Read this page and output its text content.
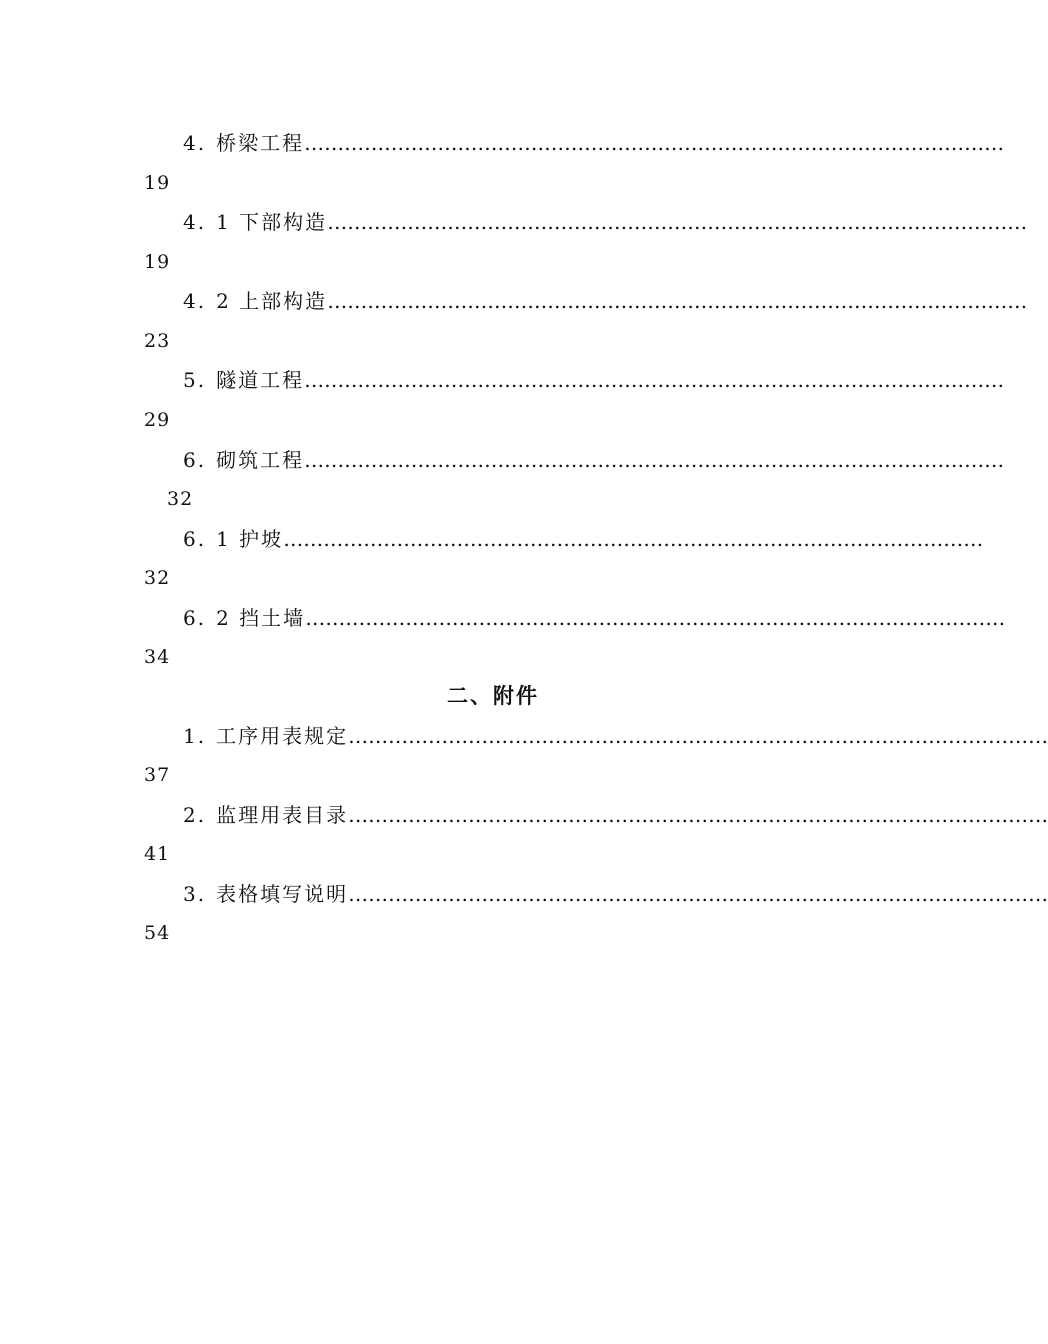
4. 桥梁工程……………………………………………………………………………………………
19
4. 1 下部构造……………………………………………………………………………………………
19
4. 2 上部构造……………………………………………………………………………………………
23
5. 隧道工程……………………………………………………………………………………………
29
6. 砌筑工程……………………………………………………………………………………………
32
6. 1 护坡……………………………………………………………………………………………
32
6. 2 挡土墙……………………………………………………………………………………………
34
二、附件
1. 工序用表规定……………………………………………………………………………………………
37
2. 监理用表目录……………………………………………………………………………………………
41
3. 表格填写说明……………………………………………………………………………………………
54
